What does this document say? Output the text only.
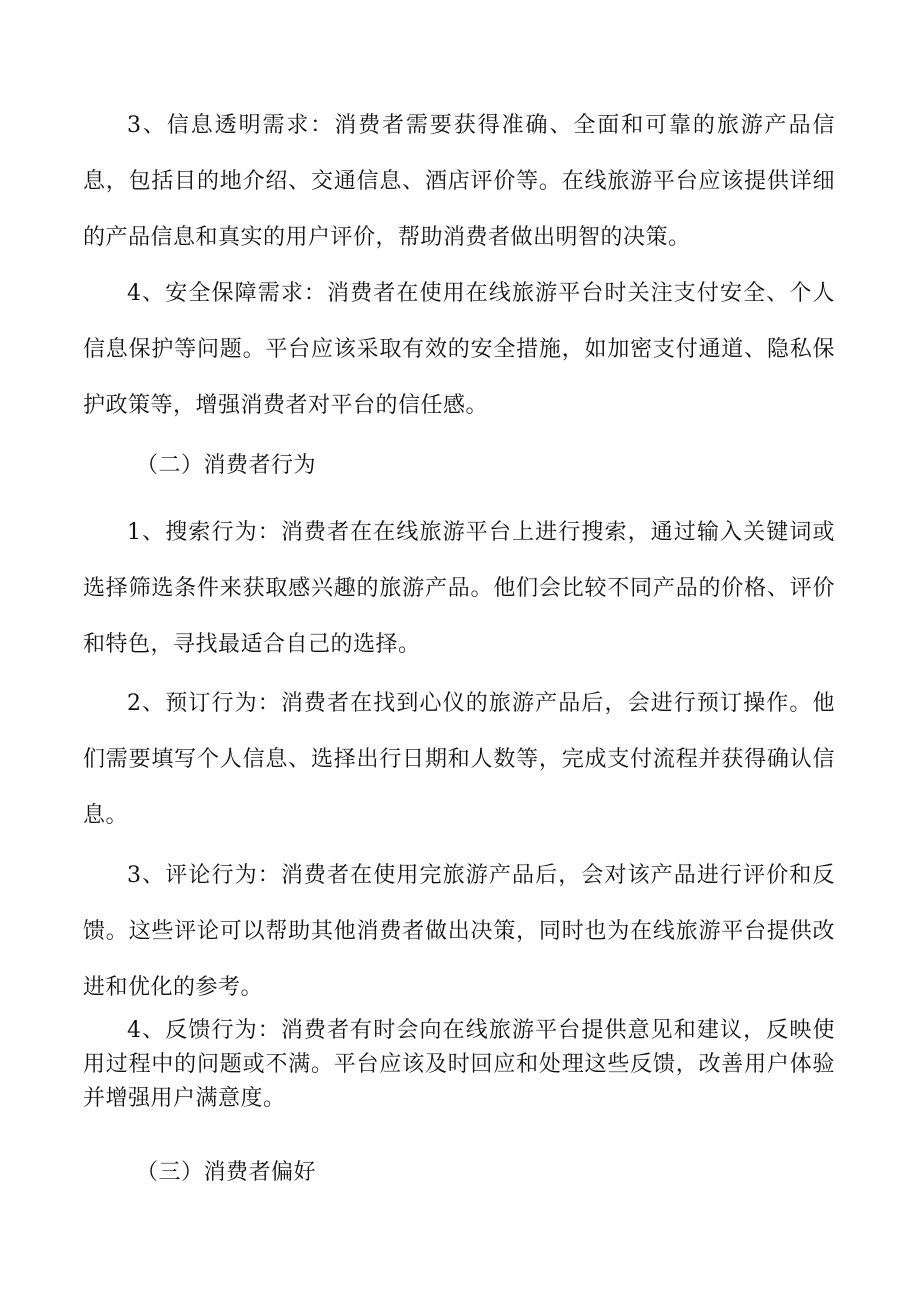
3、信息透明需求：消费者需要获得准确、全面和可靠的旅游产品信息，包括目的地介绍、交通信息、酒店评价等。在线旅游平台应该提供详细的产品信息和真实的用户评价，帮助消费者做出明智的决策。

4、安全保障需求：消费者在使用在线旅游平台时关注支付安全、个人信息保护等问题。平台应该采取有效的安全措施，如加密支付通道、隐私保护政策等，增强消费者对平台的信任感。

（二）消费者行为

1、搜索行为：消费者在在线旅游平台上进行搜索，通过输入关键词或选择筛选条件来获取感兴趣的旅游产品。他们会比较不同产品的价格、评价和特色，寻找最适合自己的选择。

2、预订行为：消费者在找到心仪的旅游产品后，会进行预订操作。他们需要填写个人信息、选择出行日期和人数等，完成支付流程并获得确认信息。

3、评论行为：消费者在使用完旅游产品后，会对该产品进行评价和反馈。这些评论可以帮助其他消费者做出决策，同时也为在线旅游平台提供改进和优化的参考。

4、反馈行为：消费者有时会向在线旅游平台提供意见和建议，反映使用过程中的问题或不满。平台应该及时回应和处理这些反馈，改善用户体验并增强用户满意度。

（三）消费者偏好
